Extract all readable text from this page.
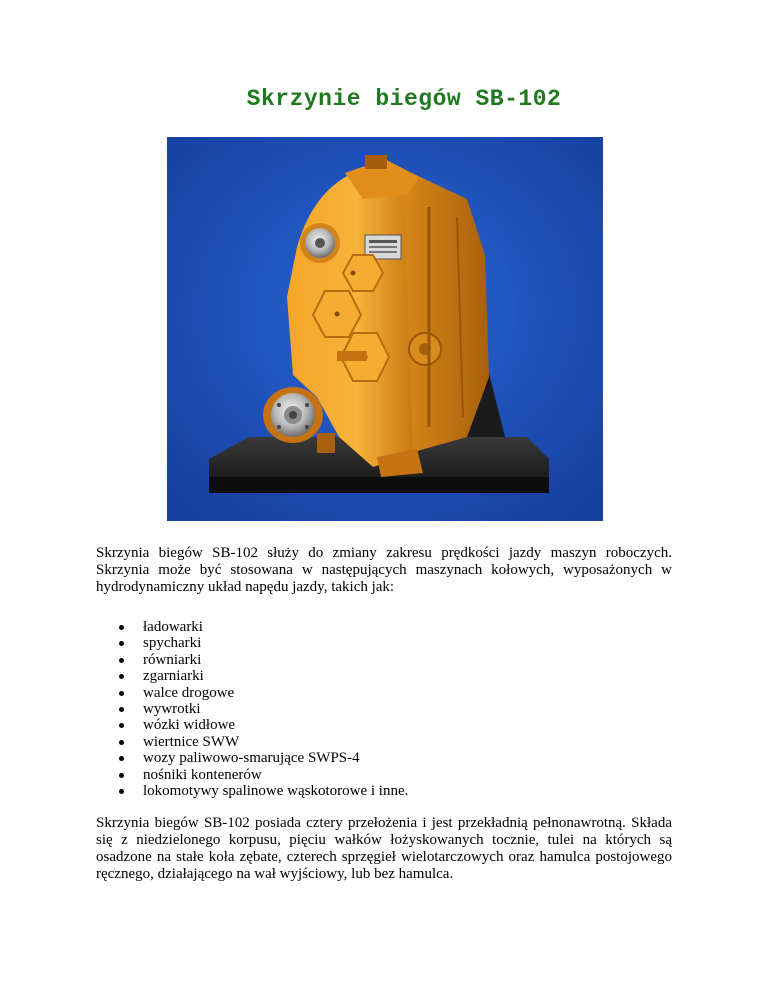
Skrzynie biegów SB-102

Skrzynia biegów SB-102 służy do zmiany zakresu prędkości jazdy maszyn roboczych. Skrzynia może być stosowana w następujących maszynach kołowych, wyposażonych w hydrodynamiczny układ napędu jazdy, takich jak:

ładowarki
spycharki
równiarki
zgarniarki
walce drogowe
wywrotki
wózki widłowe
wiertnice SWW
wozy paliwowo-smarujące SWPS-4
nośniki kontenerów
lokomotywy spalinowe wąskotorowe i inne.

Skrzynia biegów SB-102 posiada cztery przełożenia i jest przekładnią pełnonawrotną. Składa się z niedzielonego korpusu, pięciu wałków łożyskowanych tocznie, tulei na których są osadzone na stałe koła zębate, czterech sprzęgieł wielotarczowych oraz hamulca postojowego ręcznego, działającego na wał wyjściowy, lub bez hamulca.
